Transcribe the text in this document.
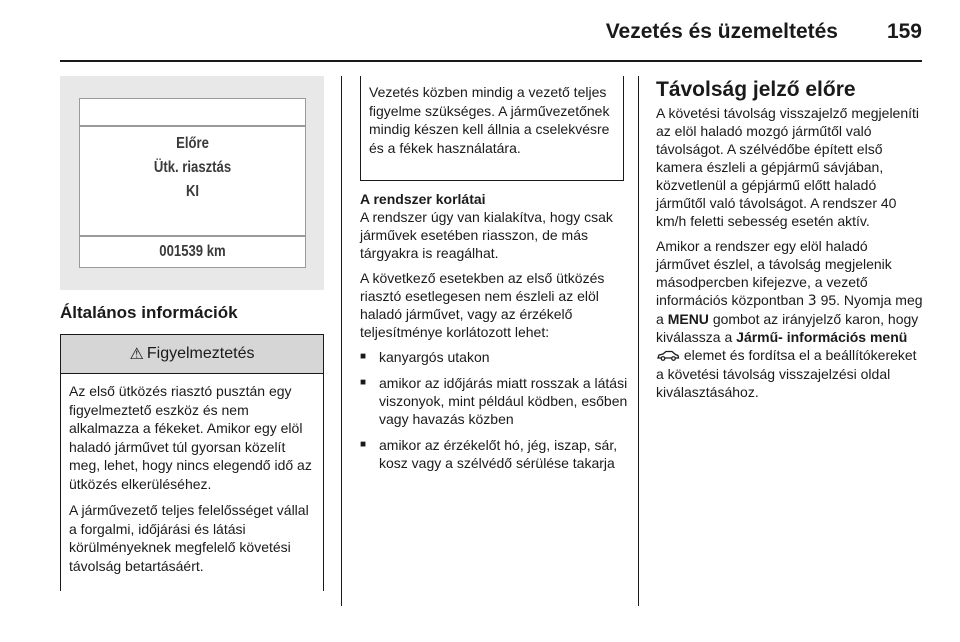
Vezetés és üzemeltetés 159
Előre
Ütk. riasztás
KI
001539 km
Általános információk
⚠ Figyelmeztetés

Az első ütközés riasztó pusztán egy figyelmeztető eszköz és nem alkalmazza a fékeket. Amikor egy elöl haladó járművet túl gyorsan közelít meg, lehet, hogy nincs elegendő idő az ütközés elkerüléséhez.

A járművezető teljes felelősséget vállal a forgalmi, időjárási és látási körülményeknek megfelelő követési távolság betartásáért.

Vezetés közben mindig a vezető teljes figyelme szükséges. A járművezetőnek mindig készen kell állnia a cselekvésre és a fékek használatára.
A rendszer korlátai

A rendszer úgy van kialakítva, hogy csak járművek esetében riasszon, de más tárgyakra is reagálhat.

A következő esetekben az első ütközés riasztó esetlegesen nem észleli az elöl haladó járművet, vagy az érzékelő teljesítménye korlátozott lehet:

■ kanyargós utakon
■ amikor az időjárás miatt rosszak a látási viszonyok, mint például ködben, esőben vagy havazás közben
■ amikor az érzékelőt hó, jég, iszap, sár, kosz vagy a szélvédő sérülése takarja
Távolság jelző előre

A követési távolság visszajelző megjeleníti az elöl haladó mozgó járműtől való távolságot. A szélvédőbe épített első kamera észleli a gépjármű sávjában, közvetlenül a gépjármű előtt haladó járműtől való távolságot. A rendszer 40 km/h feletti sebesség esetén aktív.

Amikor a rendszer egy elöl haladó járművet észlel, a távolság megjelenik másodpercben kifejezve, a vezető információs központban 3 95. Nyomja meg a MENU gombot az irányjelző karon, hogy kiválassza a Jármű- információs menü  elemet és fordítsa el a beállítókereket a követési távolság visszajelzési oldal kiválasztásához.
